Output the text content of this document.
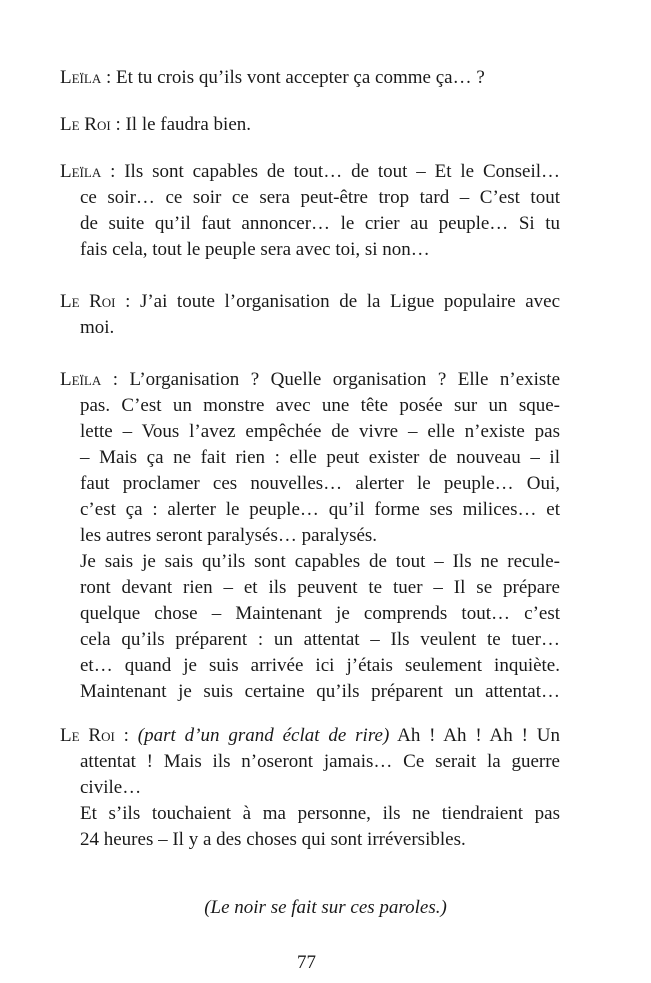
Leïla : Et tu crois qu’ils vont accepter ça comme ça… ?
Le Roi : Il le faudra bien.
Leïla : Ils sont capables de tout… de tout – Et le Conseil…
ce soir… ce soir ce sera peut-être trop tard – C’est tout
de suite qu’il faut annoncer… le crier au peuple… Si tu
fais cela, tout le peuple sera avec toi, si non…
Le Roi : J’ai toute l’organisation de la Ligue populaire avec
moi.
Leïla : L’organisation ? Quelle organisation ? Elle n’existe
pas. C’est un monstre avec une tête posée sur un sque-
lette – Vous l’avez empêchée de vivre – elle n’existe pas
– Mais ça ne fait rien : elle peut exister de nouveau – il
faut proclamer ces nouvelles… alerter le peuple… Oui,
c’est ça : alerter le peuple… qu’il forme ses milices… et
les autres seront paralysés… paralysés.
Je sais je sais qu’ils sont capables de tout – Ils ne recule-
ront devant rien – et ils peuvent te tuer – Il se prépare
quelque chose – Maintenant je comprends tout… c’est
cela qu’ils préparent : un attentat – Ils veulent te tuer…
et… quand je suis arrivée ici j’étais seulement inquiète.
Maintenant je suis certaine qu’ils préparent un attentat…
Le Roi : (part d’un grand éclat de rire) Ah ! Ah ! Ah ! Un
attentat ! Mais ils n’oseront jamais… Ce serait la guerre
civile…
Et s’ils touchaient à ma personne, ils ne tiendraient pas
24 heures – Il y a des choses qui sont irréversibles.
(Le noir se fait sur ces paroles.)
77
